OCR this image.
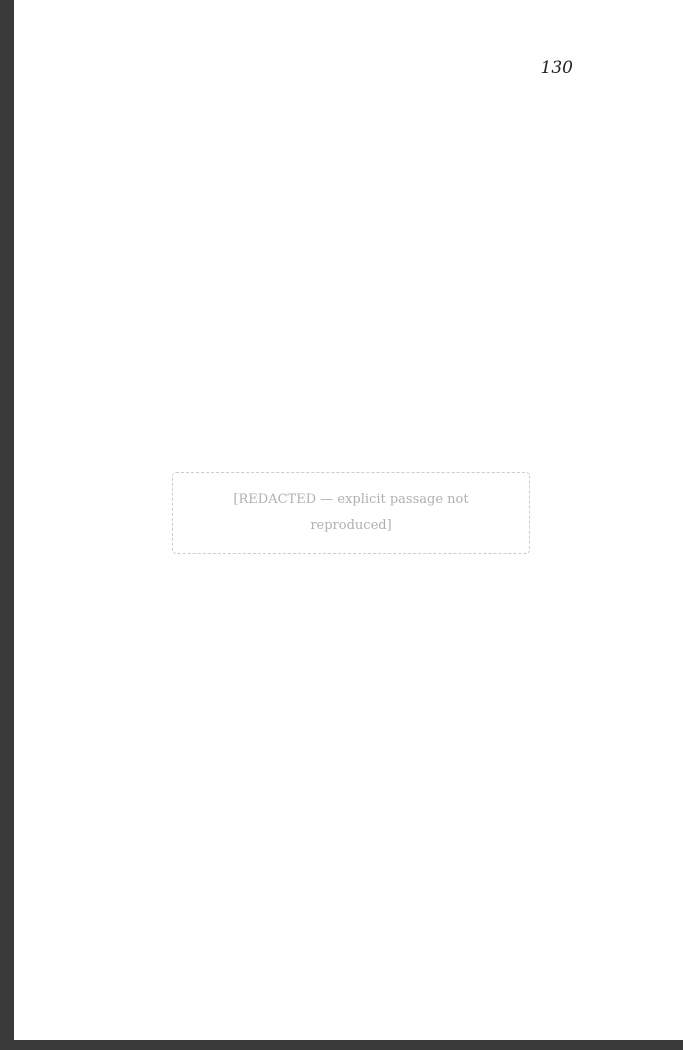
130
[REDACTED — explicit passage not reproduced]
